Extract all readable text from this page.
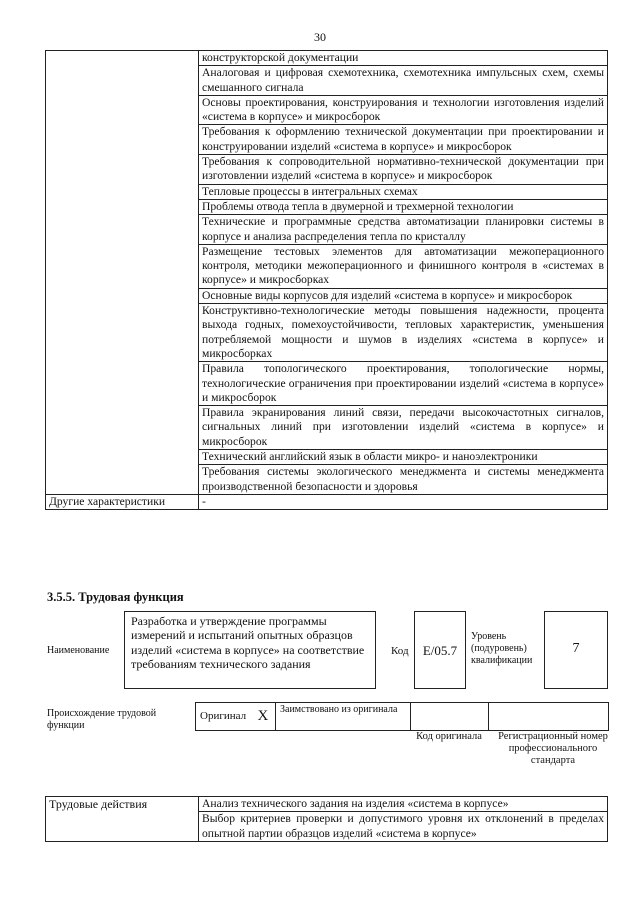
30
	конструкторской документации
	Аналоговая и цифровая схемотехника, схемотехника импульсных схем, схемы смешанного сигнала
	Основы проектирования, конструирования и технологии изготовления изделий «система в корпусе» и микросборок
	Требования к оформлению технической документации при проектировании и конструировании изделий «система в корпусе» и микросборок
	Требования к сопроводительной нормативно-технической документации при изготовлении изделий «система в корпусе» и микросборок
	Тепловые процессы в интегральных схемах
	Проблемы отвода тепла в двумерной и трехмерной технологии
	Технические и программные средства автоматизации планировки системы в корпусе и анализа распределения тепла по кристаллу
	Размещение тестовых элементов для автоматизации межоперационного контроля, методики межоперационного и финишного контроля в «системах в корпусе» и микросборках
	Основные виды корпусов для изделий «система в корпусе» и микросборок
	Конструктивно-технологические методы повышения надежности, процента выхода годных, помехоустойчивости, тепловых характеристик, уменьшения потребляемой мощности и шумов в изделиях «система в корпусе» и микросборках
	Правила топологического проектирования, топологические нормы, технологические ограничения при проектировании изделий «система в корпусе» и микросборок
	Правила экранирования линий связи, передачи высокочастотных сигналов, сигнальных линий при изготовлении изделий «система в корпусе» и микросборок
	Технический английский язык в области микро- и наноэлектроники
	Требования системы экологического менеджмента и системы менеджмента производственной безопасности и здоровья
Другие характеристики	-
3.5.5. Трудовая функция
Наименование
Разработка и утверждение программы измерений и испытаний опытных образцов изделий «система в корпусе» на соответствие требованиям технического задания
Код	E/05.7
Уровень (подуровень) квалификации
7
Происхождение трудовой функции
Оригинал	X	Заимствовано из оригинала		
Код оригинала	Регистрационный номер профессионального стандарта
Трудовые действия	Анализ технического задания на изделия «система в корпусе»
Выбор критериев проверки и допустимого уровня их отклонений в пределах опытной партии образцов изделий «система в корпусе»
